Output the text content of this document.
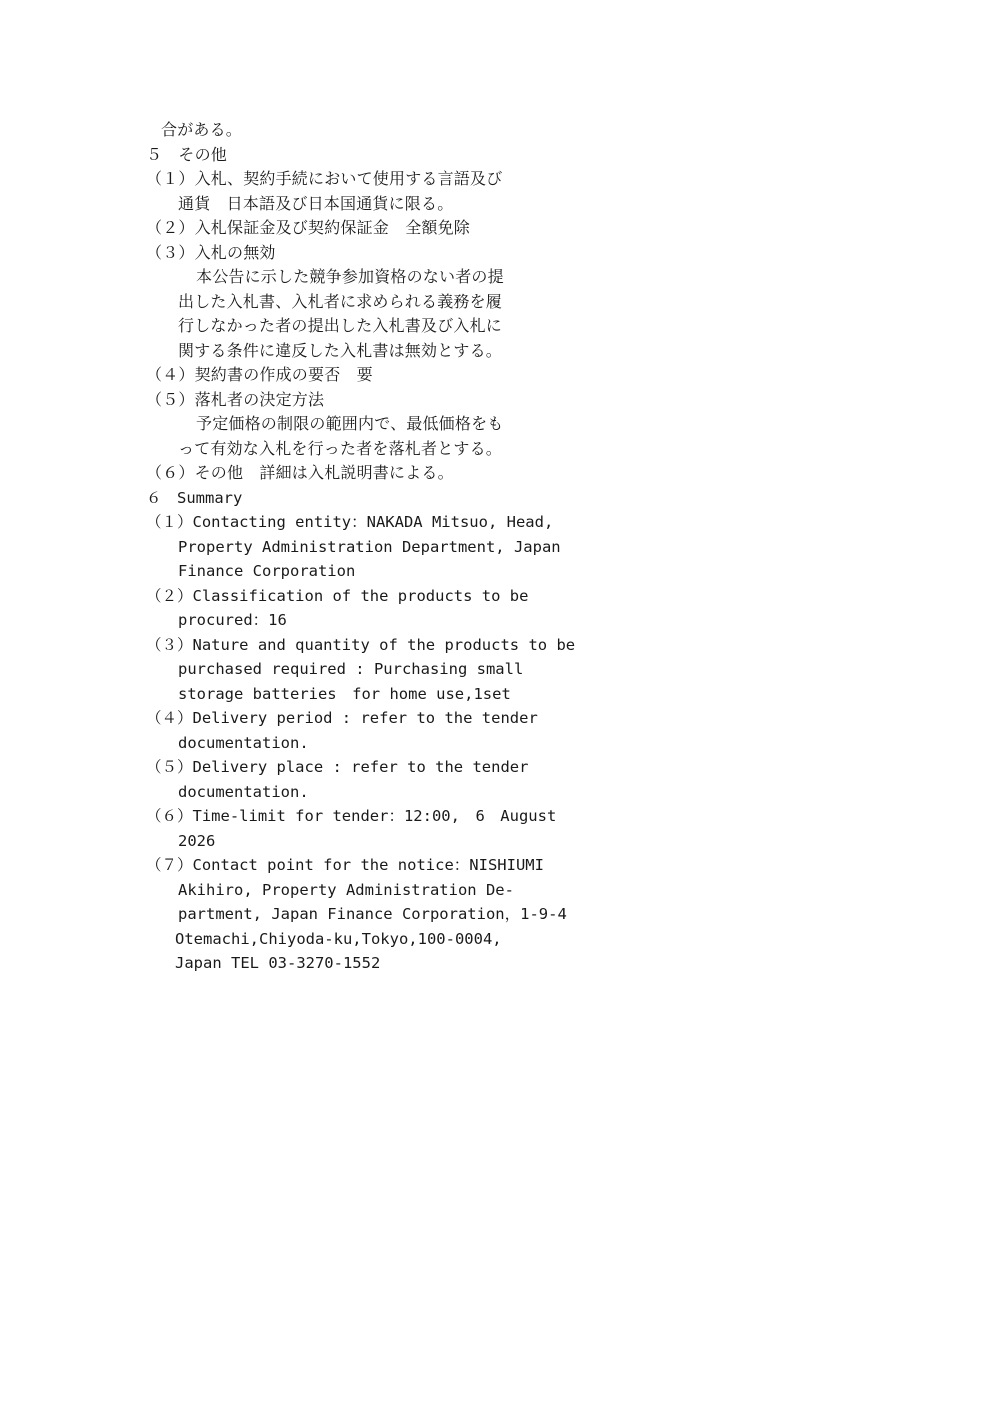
合がある。
５　その他
（１）入札、契約手続において使用する言語及び
通貨　日本語及び日本国通貨に限る。
（２）入札保証金及び契約保証金　全額免除
（３）入札の無効
本公告に示した競争参加資格のない者の提
出した入札書、入札者に求められる義務を履
行しなかった者の提出した入札書及び入札に
関する条件に違反した入札書は無効とする。
（４）契約書の作成の要否　要
（５）落札者の決定方法
予定価格の制限の範囲内で、最低価格をも
って有効な入札を行った者を落札者とする。
（６）その他　詳細は入札説明書による。
６　Summary
（１）Contacting entity：NAKADA Mitsuo, Head,
Property Administration Department, Japan
Finance Corporation
（２）Classification of the products to be
procured：16
（３）Nature and quantity of the products to be
purchased required : Purchasing small
storage batteries　for home use,1set
（４）Delivery period : refer to the tender
documentation.
（５）Delivery place : refer to the tender
documentation.
（６）Time-limit for tender：12:00,　6　August
2026
（７）Contact point for the notice：NISHIUMI
Akihiro, Property Administration De-
partment, Japan Finance Corporation，1-9-4
Otemachi,Chiyoda-ku,Tokyo,100-0004,
Japan TEL 03-3270-1552
